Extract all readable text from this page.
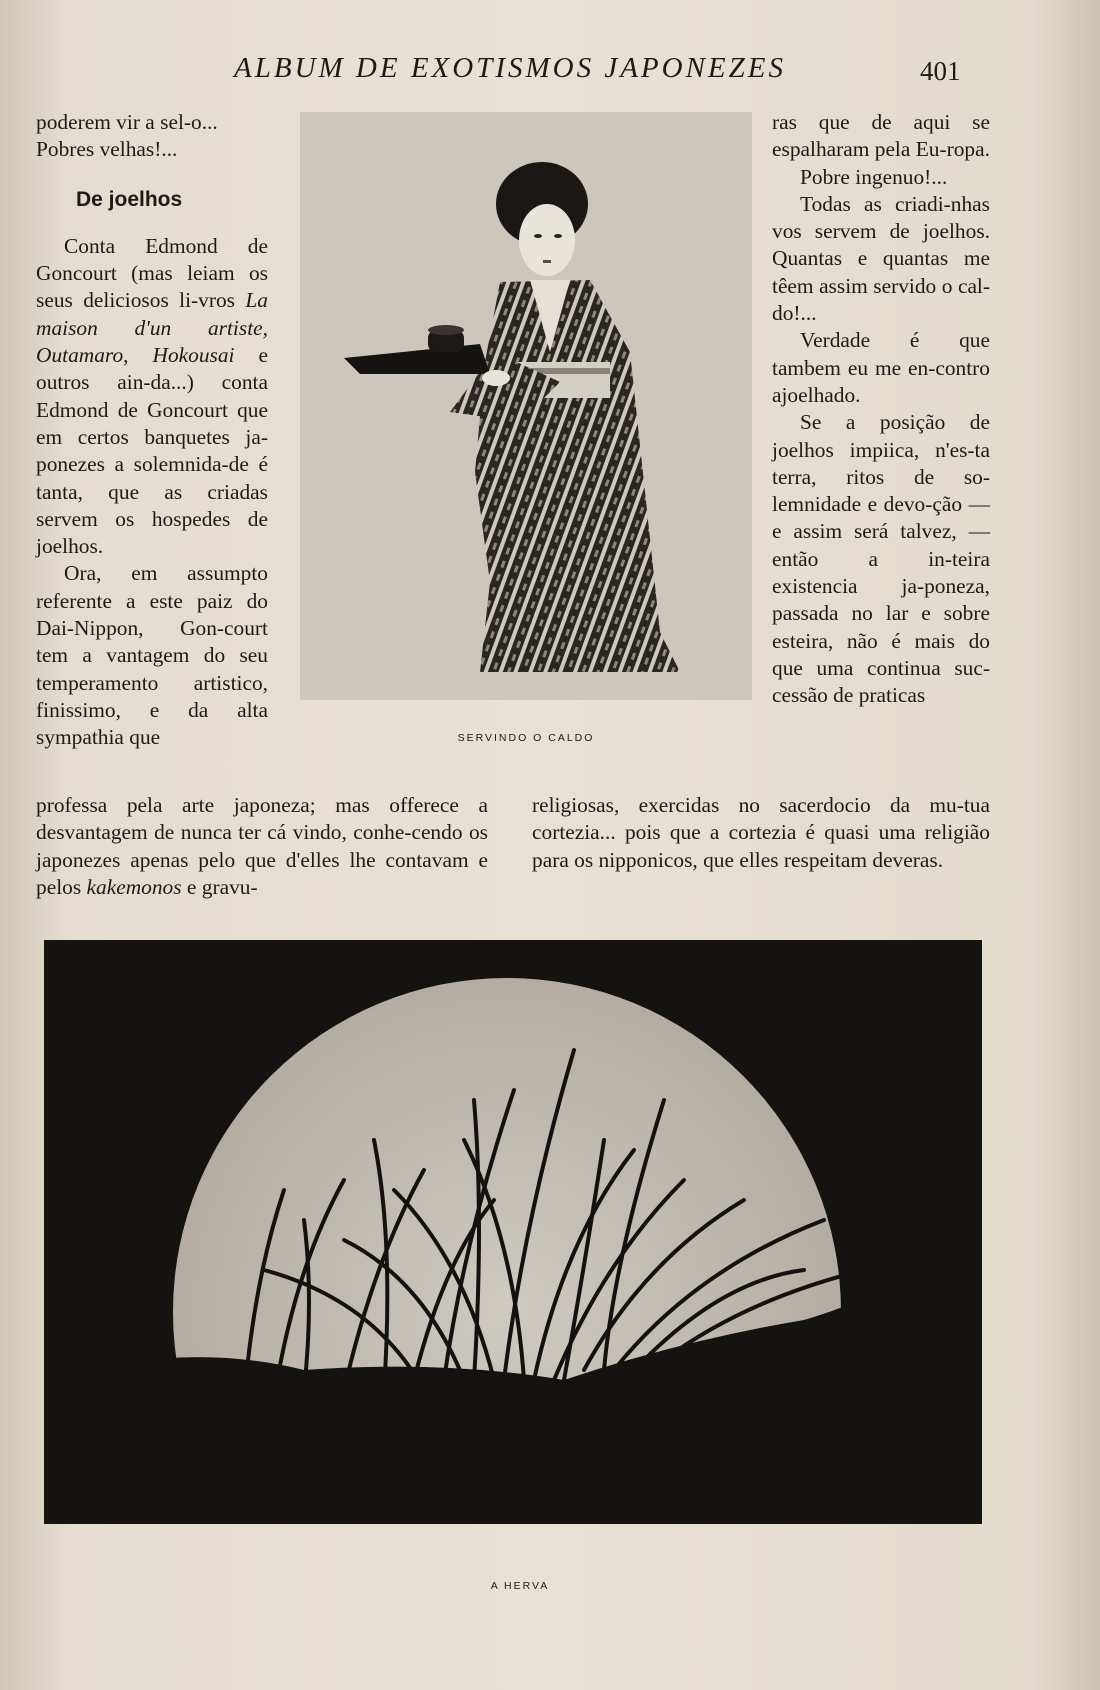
ALBUM DE EXOTISMOS JAPONEZES	401

poderem vir a sel-o...
Pobres velhas!...

De joelhos

Conta Edmond de Goncourt (mas leiam os seus deliciosos li-vros La maison d'un artiste, Outamaro, Hokousai e outros ain-da...) conta Edmond de Goncourt que em certos banquetes ja-ponezes a solemnida-de é tanta, que as criadas servem os hospedes de joelhos.

Ora, em assumpto referente a este paiz do Dai-Nippon, Gon-court tem a vantagem do seu temperamento artistico, finissimo, e da alta sympathia que	SERVINDO O CALDO

ras que de aqui se espalharam pela Eu-ropa.

Pobre ingenuo!...

Todas as criadi-nhas vos servem de joelhos. Quantas e quantas me têem assim servido o cal-do!...

Verdade é que tambem eu me en-contro ajoelhado.

Se a posição de joelhos impiica, n'es-ta terra, ritos de so-lemnidade e devo-ção — e assim será talvez, — então a in-teira existencia ja-poneza, passada no lar e sobre esteira, não é mais do que uma continua suc-cessão de praticas

professa pela arte japoneza; mas offerece a desvantagem de nunca ter cá vindo, conhe-cendo os japonezes apenas pelo que d'elles lhe contavam e pelos kakemonos e gravu-

religiosas, exercidas no sacerdocio da mu-tua cortezia... pois que a cortezia é quasi uma religião para os nipponicos, que elles respeitam deveras.

A HERVA
